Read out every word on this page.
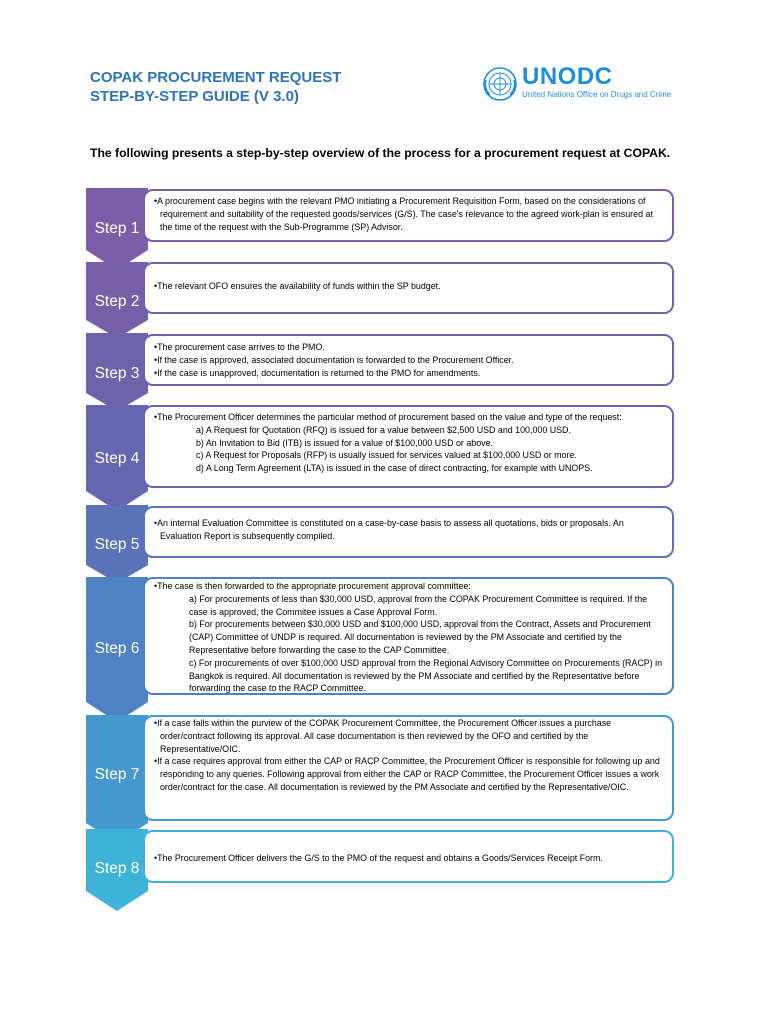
COPAK PROCUREMENT REQUEST
STEP-BY-STEP GUIDE (V 3.0)
UNODC
United Nations Office on Drugs and Crime
The following presents a step-by-step overview of the process for a procurement request at COPAK.
Step 1
• A procurement case begins with the relevant PMO initiating a Procurement Requisition Form, based on the considerations of requirement and suitability of the requested goods/services (G/S). The case's relevance to the agreed work-plan is ensured at the time of the request with the Sub-Programme (SP) Advisor.
Step 2
• The relevant OFO ensures the availability of funds within the SP budget.
Step 3
• The procurement case arrives to the PMO.
• If the case is approved, associated documentation is forwarded to the Procurement Officer.
• If the case is unapproved, documentation is returned to the PMO for amendments.
Step 4
• The Procurement Officer determines the particular method of procurement based on the value and type of the request:
a) A Request for Quotation (RFQ) is issued for a value between $2,500 USD and 100,000 USD.
b) An Invitation to Bid (ITB) is issued for a value of $100,000 USD or above.
c) A Request for Proposals (RFP) is usually issued for services valued at $100,000 USD or more.
d) A Long Term Agreement (LTA) is issued in the case of direct contracting, for example with UNOPS.
Step 5
• An internal Evaluation Committee is constituted on a case-by-case basis to assess all quotations, bids or proposals. An Evaluation Report is subsequently compiled.
Step 6
• The case is then forwarded to the appropriate procurement approval committee:
a) For procurements of less than $30,000 USD, approval from the COPAK Procurement Committee is required. If the case is approved, the Commitee issues a Case Approval Form.
b) For procurements between $30,000 USD and $100,000 USD, approval from the Contract, Assets and Procurement (CAP) Committee of UNDP is required. All documentation is reviewed by the PM Associate and certified by the Representative before forwarding the case to the CAP Committee.
c) For procurements of over $100,000 USD approval from the Regional Advisory Committee on Procurements (RACP) in Bangkok is required. All documentation is reviewed by the PM Associate and certified by the Representative before forwarding the case to the RACP Committee.
Step 7
• If a case falls within the purview of the COPAK Procurement Committee, the Procurement Officer issues a purchase order/contract following its approval. All case documentation is then reviewed by the OFO and certified by the Representative/OIC.
• If a case requires approval from either the CAP or RACP Committee, the Procurement Officer is responsible for following up and responding to any queries. Following approval from either the CAP or RACP Committee, the Procurement Officer issues a work order/contract for the case. All documentation is reviewed by the PM Associate and certified by the Representative/OIC.
Step 8
• The Procurement Officer delivers the G/S to the PMO of the request and obtains a Goods/Services Receipt Form.
